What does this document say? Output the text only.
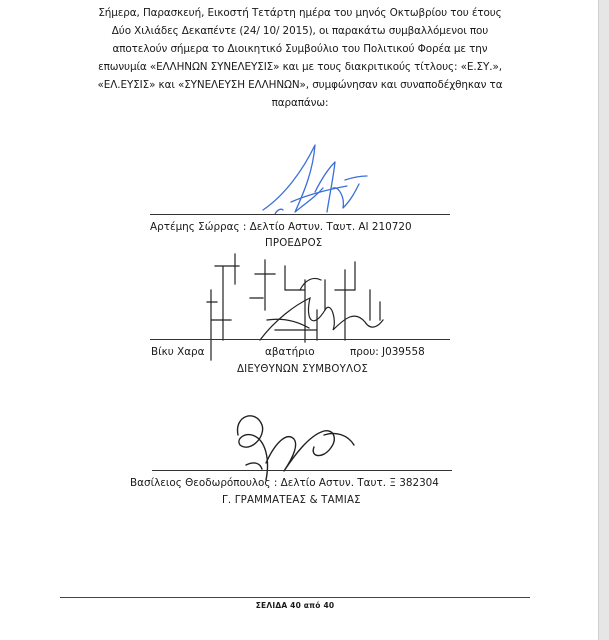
Σήμερα, Παρασκευή, Εικοστή Τετάρτη ημέρα του μηνός Οκτωβρίου του έτους
Δύο Χιλιάδες Δεκαπέντε (24/ 10/ 2015), οι παρακάτω συμβαλλόμενοι που
αποτελούν σήμερα το Διοικητικό Συμβούλιο του Πολιτικού Φορέα με την
επωνυμία «ΕΛΛΗΝΩΝ ΣΥΝΕΛΕΥΣΙΣ» και με τους διακριτικούς τίτλους: «Ε.ΣΥ.»,
«ΕΛ.ΕΥΣΙΣ» και «ΣΥΝΕΛΕΥΣΗ ΕΛΛΗΝΩΝ», συμφώνησαν και συναποδέχθηκαν τα
παραπάνω:
Αρτέμης Σώρρας : Δελτίο Αστυν. Ταυτ. ΑΙ 210720
ΠΡΟΕΔΡΟΣ
Βίκυ Χαρα	αβατήριο	πρου: J039558
ΔΙΕΥΘΥΝΩΝ ΣΥΜΒΟΥΛΟΣ
Βασίλειος Θεοδωρόπουλος : Δελτίο Αστυν. Ταυτ. Ξ 382304
Γ. ΓΡΑΜΜΑΤΕΑΣ & ΤΑΜΙΑΣ
ΣΕΛΙΔΑ 40 από 40
